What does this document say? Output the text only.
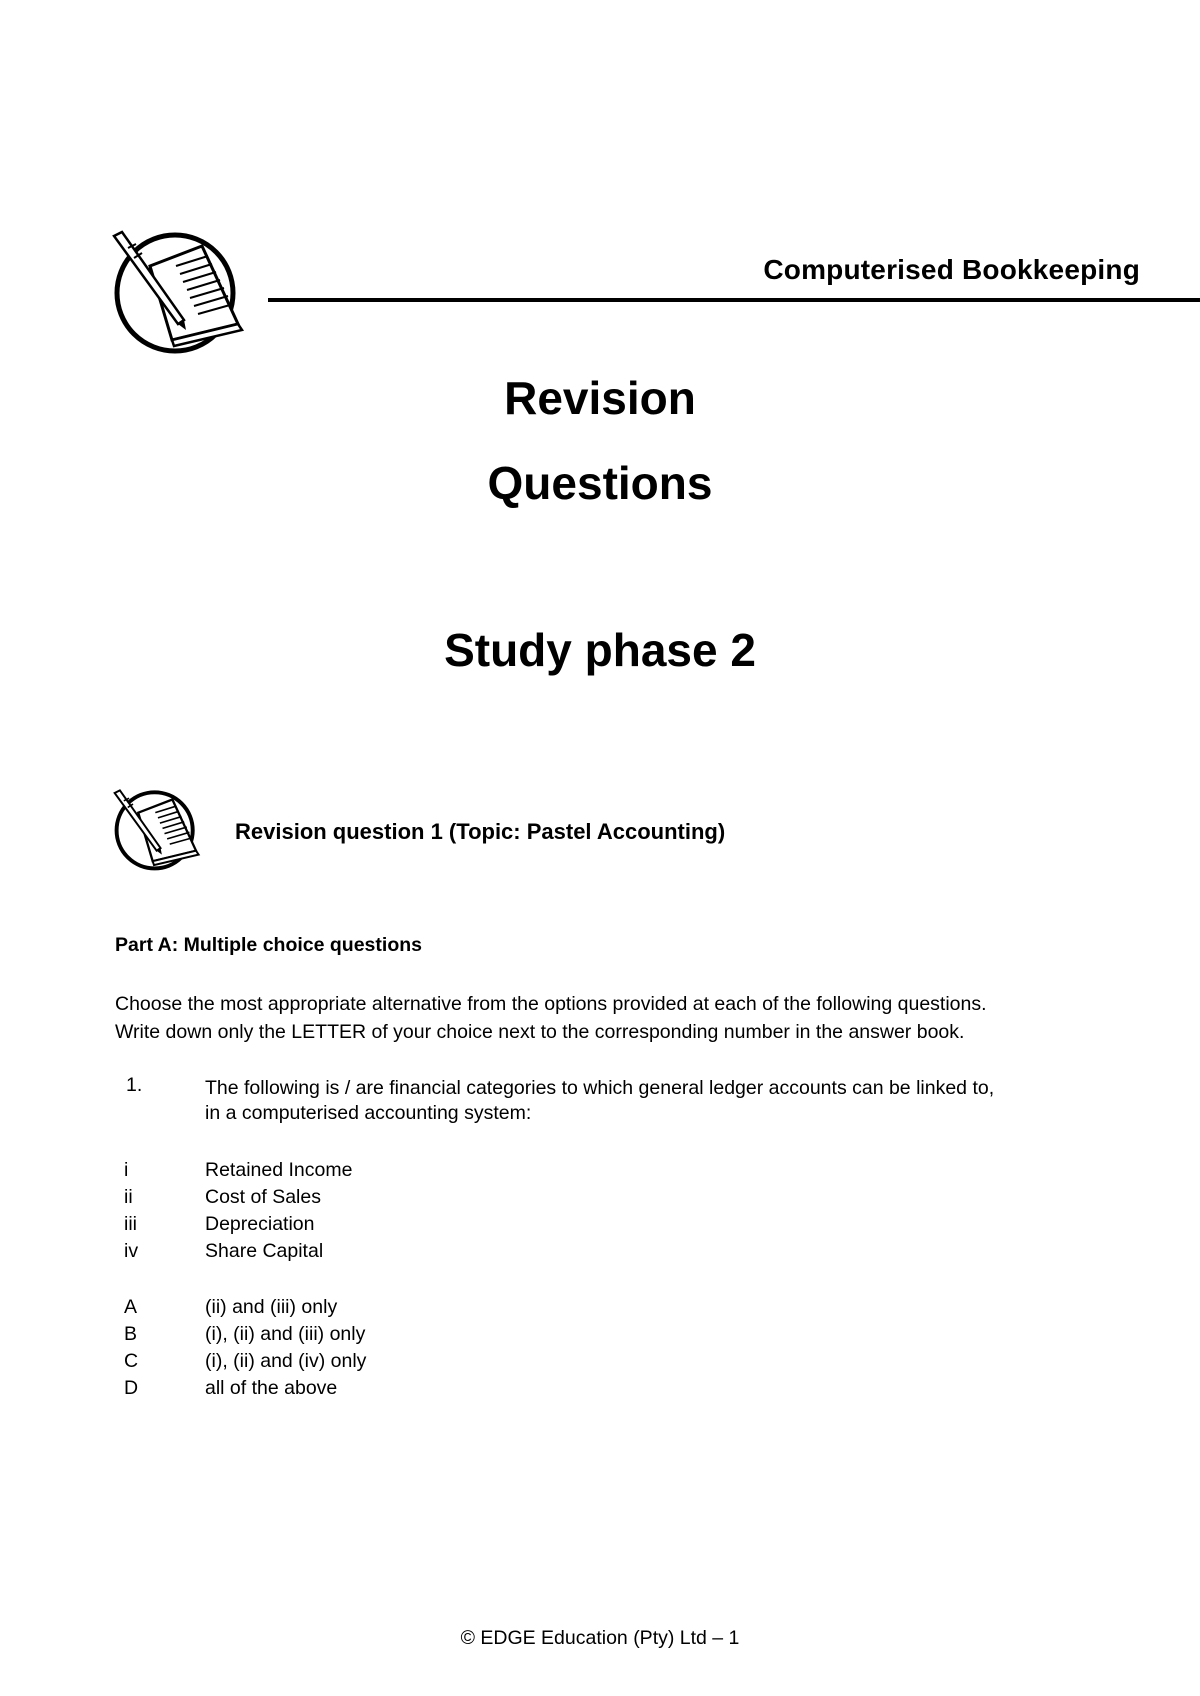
Computerised Bookkeeping
Revision
Questions
Study phase 2
Revision question 1 (Topic: Pastel Accounting)
Part A: Multiple choice questions

Choose the most appropriate alternative from the options provided at each of the following questions.

Write down only the LETTER of your choice next to the corresponding number in the answer book.

1.	The following is / are financial categories to which general ledger accounts can be linked to,
in a computerised accounting system:
i	Retained Income
ii	Cost of Sales
iii	Depreciation
iv	Share Capital
A	(ii) and (iii) only
B	(i), (ii) and (iii) only
C	(i), (ii) and (iv) only
D	all of the above
© EDGE Education (Pty) Ltd – 1
